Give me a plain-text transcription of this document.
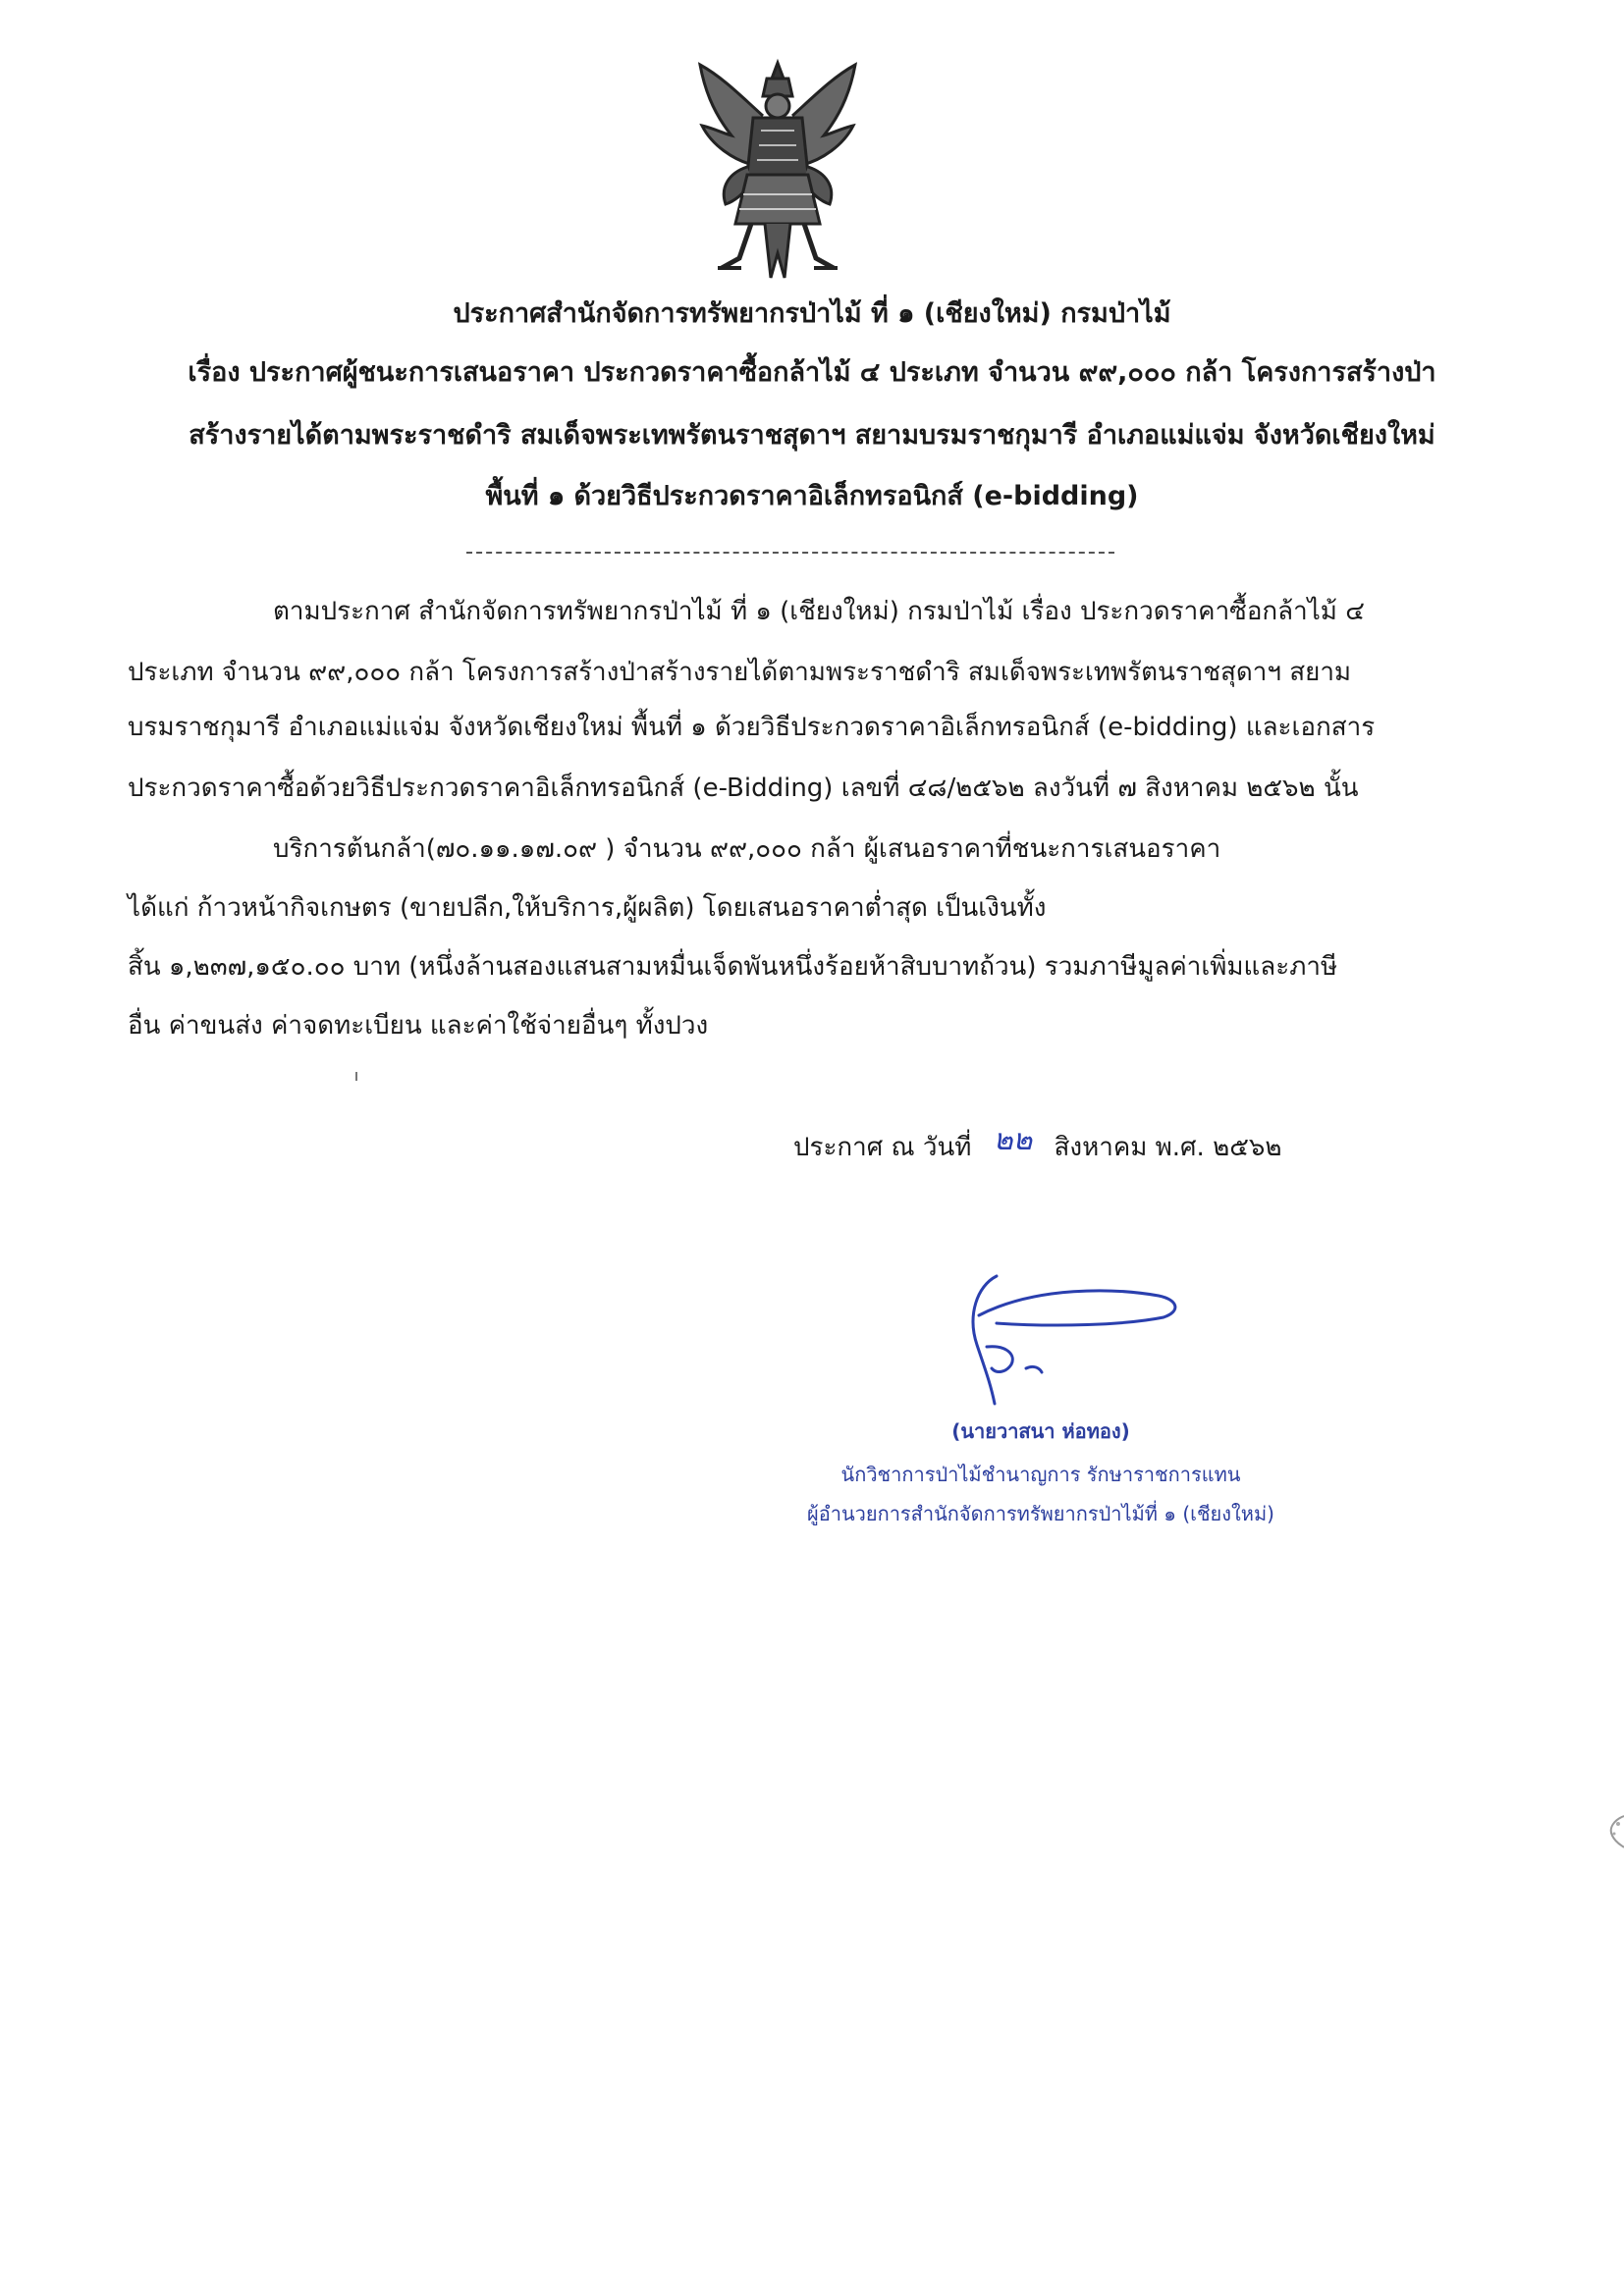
ประกาศสำนักจัดการทรัพยากรป่าไม้ ที่ ๑ (เชียงใหม่) กรมป่าไม้
เรื่อง ประกาศผู้ชนะการเสนอราคา ประกวดราคาซื้อกล้าไม้ ๔ ประเภท จำนวน ๙๙,๐๐๐ กล้า โครงการสร้างป่า
สร้างรายได้ตามพระราชดำริ สมเด็จพระเทพรัตนราชสุดาฯ สยามบรมราชกุมารี อำเภอแม่แจ่ม จังหวัดเชียงใหม่
พื้นที่ ๑ ด้วยวิธีประกวดราคาอิเล็กทรอนิกส์ (e-bidding)
ตามประกาศ สำนักจัดการทรัพยากรป่าไม้ ที่ ๑ (เชียงใหม่) กรมป่าไม้ เรื่อง ประกวดราคาซื้อกล้าไม้ ๔
ประเภท จำนวน ๙๙,๐๐๐ กล้า โครงการสร้างป่าสร้างรายได้ตามพระราชดำริ สมเด็จพระเทพรัตนราชสุดาฯ สยาม
บรมราชกุมารี อำเภอแม่แจ่ม จังหวัดเชียงใหม่ พื้นที่ ๑ ด้วยวิธีประกวดราคาอิเล็กทรอนิกส์ (e-bidding) และเอกสาร
ประกวดราคาซื้อด้วยวิธีประกวดราคาอิเล็กทรอนิกส์ (e-Bidding) เลขที่ ๔๘/๒๕๖๒ ลงวันที่ ๗ สิงหาคม ๒๕๖๒ นั้น
บริการต้นกล้า(๗๐.๑๑.๑๗.๐๙ ) จำนวน ๙๙,๐๐๐ กล้า ผู้เสนอราคาที่ชนะการเสนอราคา
ได้แก่ ก้าวหน้ากิจเกษตร (ขายปลีก,ให้บริการ,ผู้ผลิต) โดยเสนอราคาต่ำสุด เป็นเงินทั้ง
สิ้น ๑,๒๓๗,๑๕๐.๐๐ บาท (หนึ่งล้านสองแสนสามหมื่นเจ็ดพันหนึ่งร้อยห้าสิบบาทถ้วน) รวมภาษีมูลค่าเพิ่มและภาษี
อื่น ค่าขนส่ง ค่าจดทะเบียน และค่าใช้จ่ายอื่นๆ ทั้งปวง
ประกาศ ณ วันที่ ๒๒ สิงหาคม พ.ศ. ๒๕๖๒
(นายวาสนา ห่อทอง)
นักวิชาการป่าไม้ชำนาญการ รักษาราชการแทน
ผู้อำนวยการสำนักจัดการทรัพยากรป่าไม้ที่ ๑ (เชียงใหม่)
